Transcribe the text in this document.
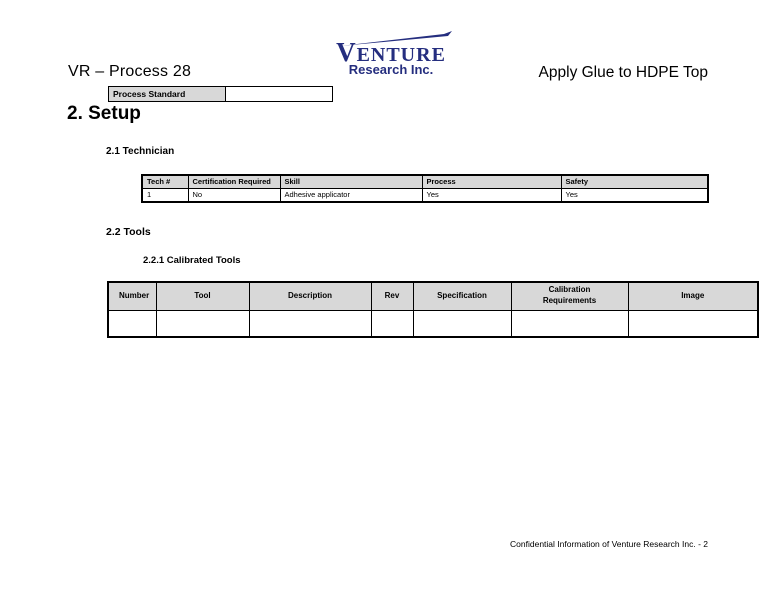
VR – Process 28
VENTURE
Research Inc.	Apply Glue to HDPE Top
Process Standard	
2. Setup
2.1 Technician
Tech #	Certification Required	Skill	Process	Safety
1	No	Adhesive applicator	Yes	Yes
2.2 Tools
2.2.1 Calibrated Tools
Number	Tool	Description	Rev	Specification	Calibration Requirements	Image

Confidential Information of Venture Research Inc. - 2
